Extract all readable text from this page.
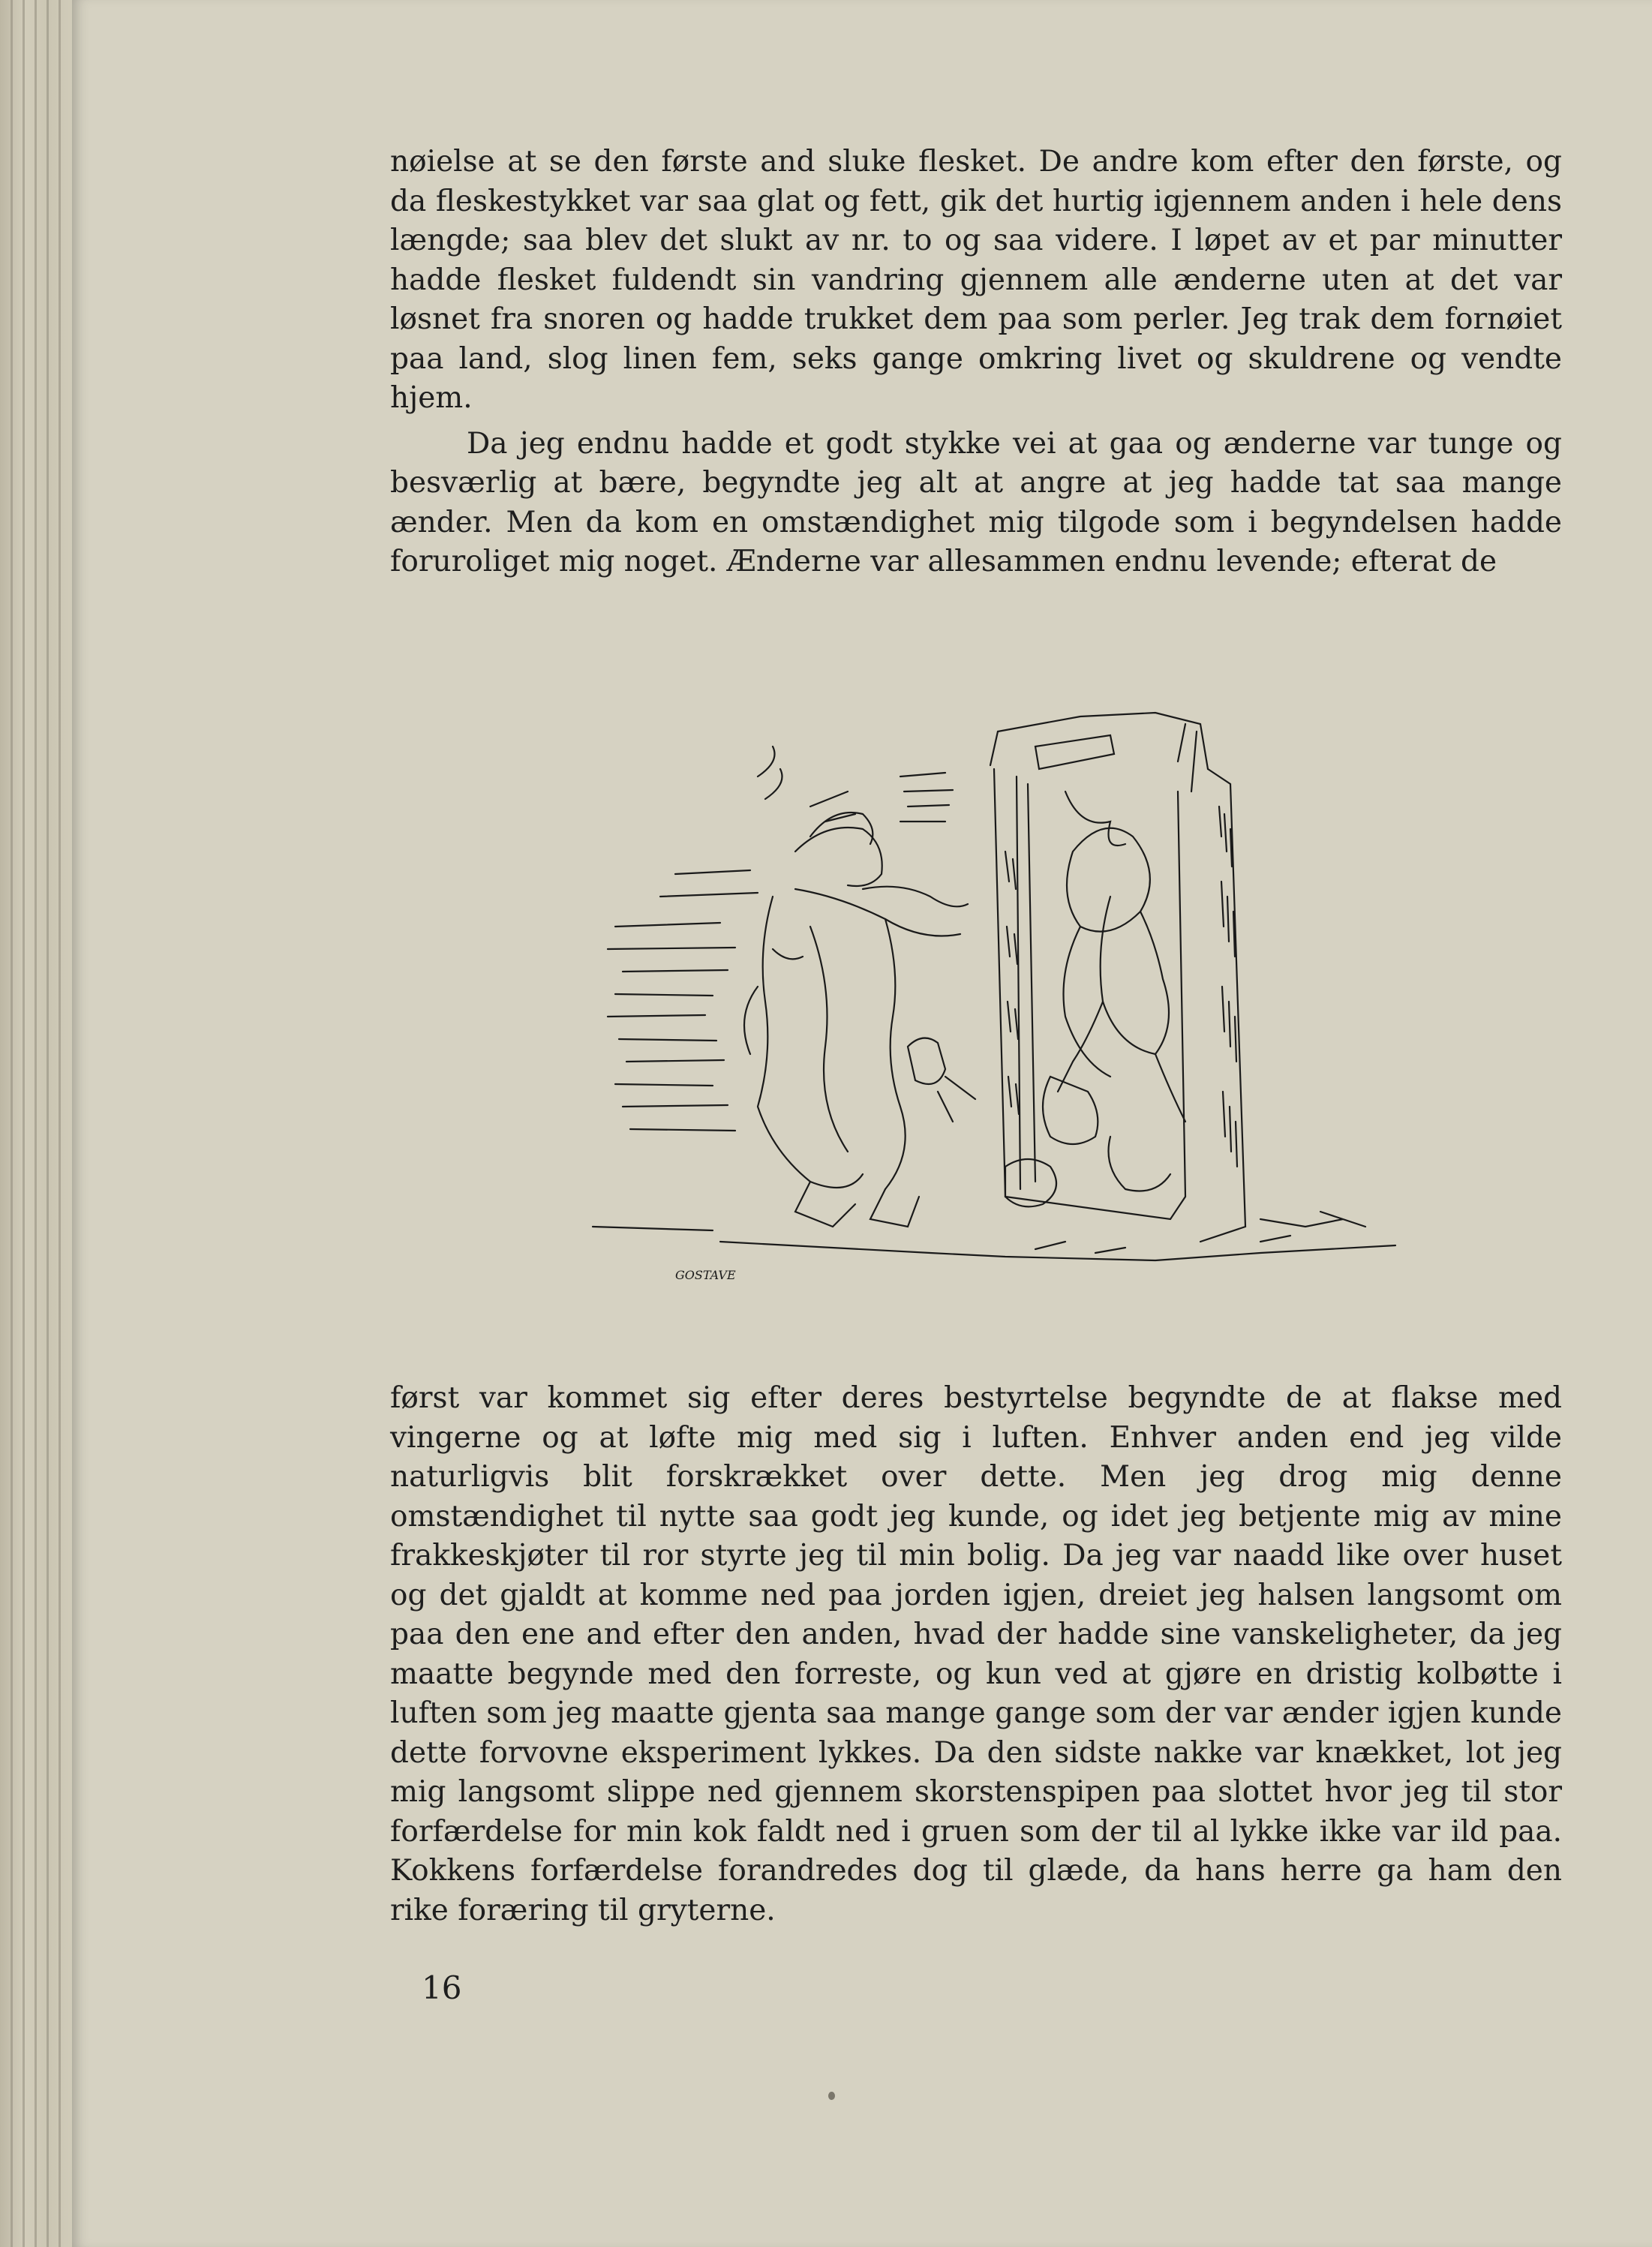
nøielse at se den første and sluke flesket. De andre kom efter den første, og da fleskestykket var saa glat og fett, gik det hurtig igjennem anden i hele dens længde; saa blev det slukt av nr. to og saa videre. I løpet av et par minutter hadde flesket fuldendt sin vandring gjennem alle ænderne uten at det var løsnet fra snoren og hadde trukket dem paa som perler. Jeg trak dem fornøiet paa land, slog linen fem, seks gange omkring livet og skuldrene og vendte hjem.

Da jeg endnu hadde et godt stykke vei at gaa og ænderne var tunge og besværlig at bære, begyndte jeg alt at angre at jeg hadde tat saa mange ænder. Men da kom en omstændighet mig tilgode som i begyndelsen hadde foruroliget mig noget. Ænderne var allesammen endnu levende; efterat de

GOSTAVE

først var kommet sig efter deres bestyrtelse begyndte de at flakse med vingerne og at løfte mig med sig i luften. Enhver anden end jeg vilde naturligvis blit forskrækket over dette. Men jeg drog mig denne omstændighet til nytte saa godt jeg kunde, og idet jeg betjente mig av mine frakkeskjøter til ror styrte jeg til min bolig. Da jeg var naadd like over huset og det gjaldt at komme ned paa jorden igjen, dreiet jeg halsen langsomt om paa den ene and efter den anden, hvad der hadde sine vanskeligheter, da jeg maatte begynde med den forreste, og kun ved at gjøre en dristig kolbøtte i luften som jeg maatte gjenta saa mange gange som der var ænder igjen kunde dette forvovne eksperiment lykkes. Da den sidste nakke var knækket, lot jeg mig langsomt slippe ned gjennem skorstenspipen paa slottet hvor jeg til stor forfærdelse for min kok faldt ned i gruen som der til al lykke ikke var ild paa. Kokkens forfærdelse forandredes dog til glæde, da hans herre ga ham den rike foræring til gryterne.

16
